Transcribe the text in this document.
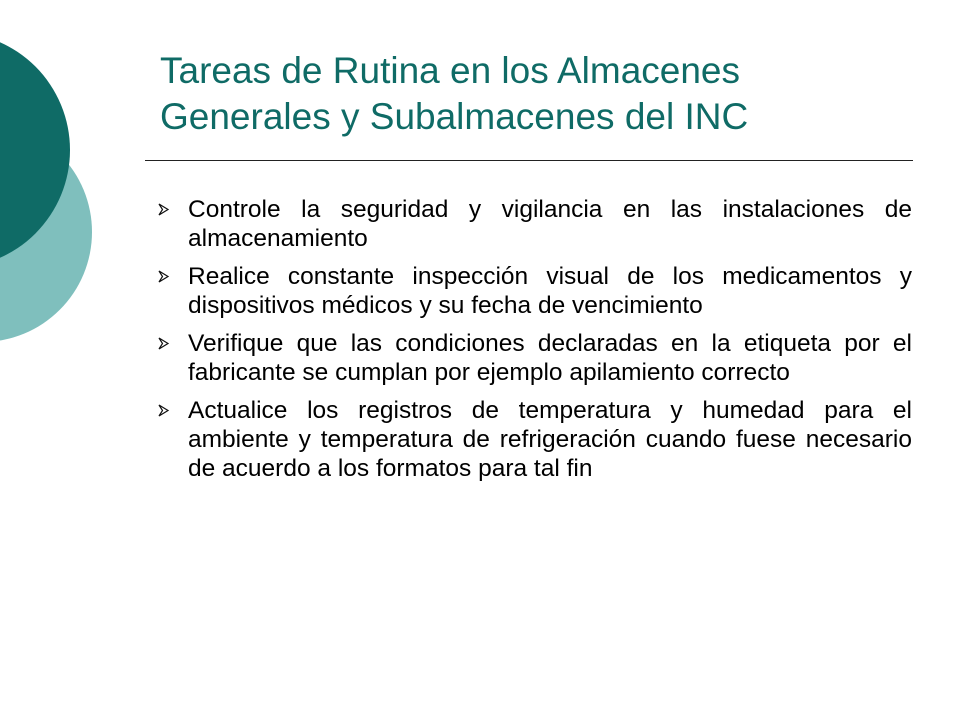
Tareas de Rutina en los Almacenes
Generales y Subalmacenes del INC
Controle la seguridad y vigilancia en las instalaciones de almacenamiento
Realice constante inspección visual de los medicamentos y dispositivos médicos y su fecha de vencimiento
Verifique que las condiciones declaradas en la etiqueta por el fabricante se cumplan por ejemplo apilamiento correcto
Actualice los registros de temperatura y humedad para el ambiente y temperatura de refrigeración cuando fuese necesario de acuerdo a los formatos para tal fin
